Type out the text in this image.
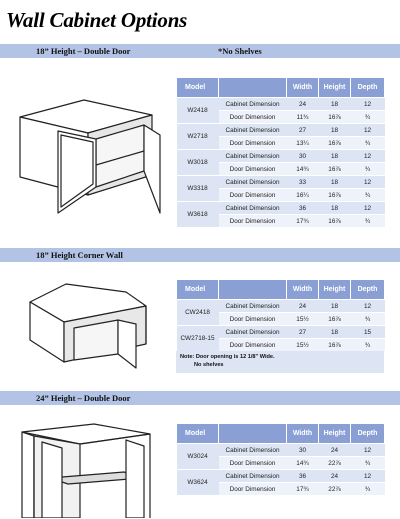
Wall Cabinet Options
18” Height – Double Door	*No Shelves
Model		Width	Height	Depth
W2418	Cabinet Dimension	24	18	12
	Door Dimension	11¾	16⅞	¾
W2718	Cabinet Dimension	27	18	12
	Door Dimension	13¼	16⅞	¾
W3018	Cabinet Dimension	30	18	12
	Door Dimension	14¾	16⅞	¾
W3318	Cabinet Dimension	33	18	12
	Door Dimension	16¼	16⅞	¾
W3618	Cabinet Dimension	36	18	12
	Door Dimension	17¾	16⅞	¾
18” Height Corner Wall
Model		Width	Height	Depth
CW2418	Cabinet Dimension	24	18	12
	Door Dimension	15½	16⅞	¾
CW2718-15	Cabinet Dimension	27	18	15
	Door Dimension	15½	16⅞	¾
Note: Door opening is 12 1/8" Wide.
No shelves
24” Height – Double Door
Model		Width	Height	Depth
W3024	Cabinet Dimension	30	24	12
	Door Dimension	14¾	22⅞	¾
W3624	Cabinet Dimension	36	24	12
	Door Dimension	17¾	22⅞	¾
